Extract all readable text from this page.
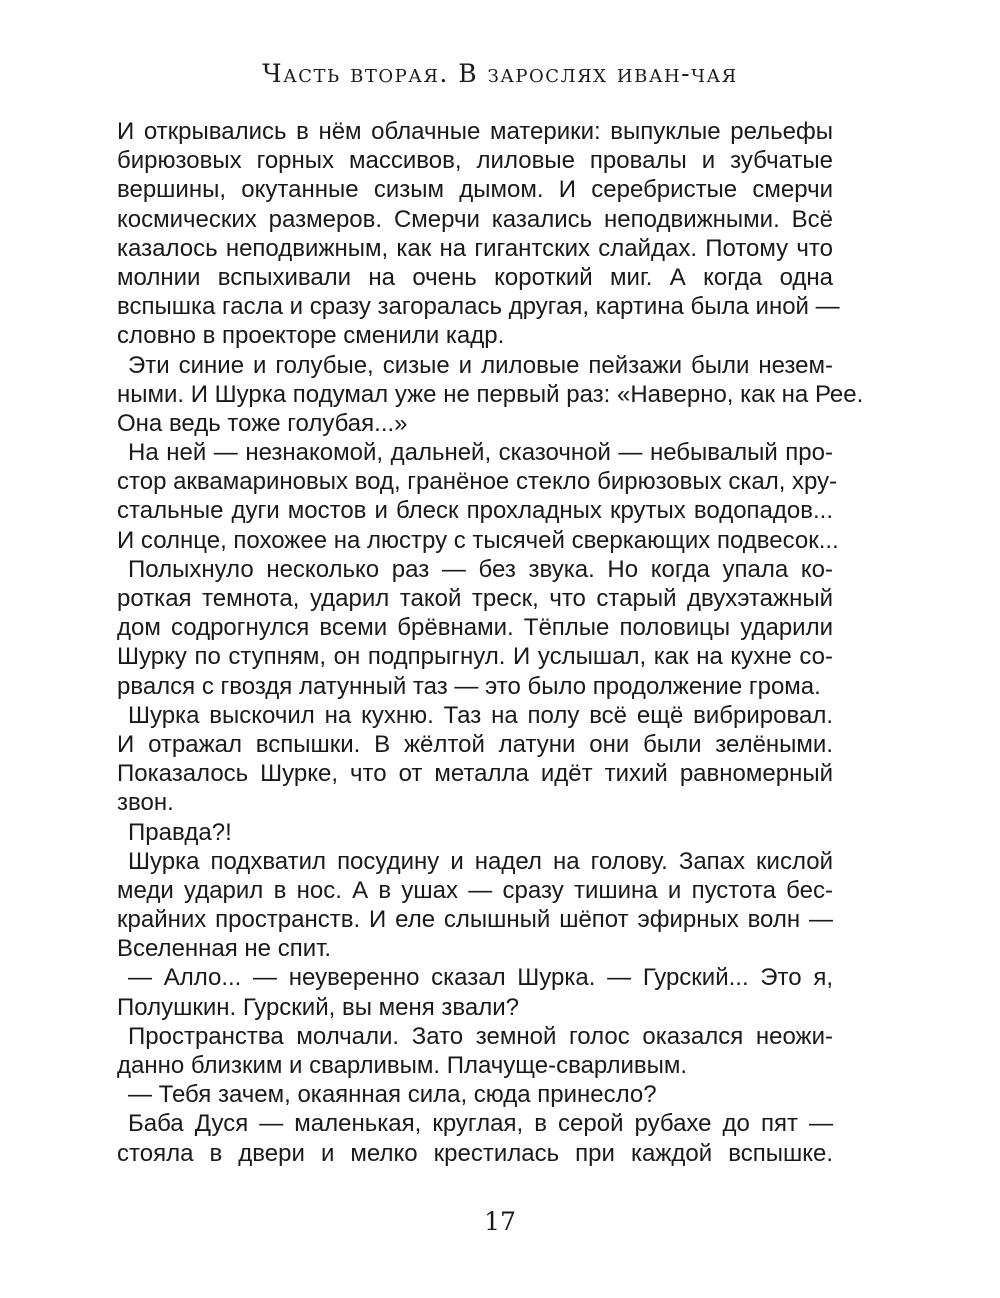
Часть вторая. В зарослях иван-чая
И открывались в нём облачные материки: выпуклые рельефы
бирюзовых горных массивов, лиловые провалы и зубчатые
вершины, окутанные сизым дымом. И серебристые смерчи
космических размеров. Смерчи казались неподвижными. Всё
казалось неподвижным, как на гигантских слайдах. Потому что
молнии вспыхивали на очень короткий миг. А когда одна
вспышка гасла и сразу загоралась другая, картина была иной —
словно в проекторе сменили кадр.
Эти синие и голубые, сизые и лиловые пейзажи были незем-
ными. И Шурка подумал уже не первый раз: «Наверно, как на Рее.
Она ведь тоже голубая...»
На ней — незнакомой, дальней, сказочной — небывалый про-
стор аквамариновых вод, гранёное стекло бирюзовых скал, хру-
стальные дуги мостов и блеск прохладных крутых водопадов...
И солнце, похожее на люстру с тысячей сверкающих подвесок...
Полыхнуло несколько раз — без звука. Но когда упала ко-
роткая темнота, ударил такой треск, что старый двухэтажный
дом содрогнулся всеми брёвнами. Тёплые половицы ударили
Шурку по ступням, он подпрыгнул. И услышал, как на кухне со-
рвался с гвоздя латунный таз — это было продолжение грома.
Шурка выскочил на кухню. Таз на полу всё ещё вибрировал.
И отражал вспышки. В жёлтой латуни они были зелёными.
Показалось Шурке, что от металла идёт тихий равномерный
звон.
Правда?!
Шурка подхватил посудину и надел на голову. Запах кислой
меди ударил в нос. А в ушах — сразу тишина и пустота бес-
крайних пространств. И еле слышный шёпот эфирных волн —
Вселенная не спит.
— Алло... — неуверенно сказал Шурка. — Гурский... Это я,
Полушкин. Гурский, вы меня звали?
Пространства молчали. Зато земной голос оказался неожи-
данно близким и сварливым. Плачуще-сварливым.
— Тебя зачем, окаянная сила, сюда принесло?
Баба Дуся — маленькая, круглая, в серой рубахе до пят —
стояла в двери и мелко крестилась при каждой вспышке.
17
